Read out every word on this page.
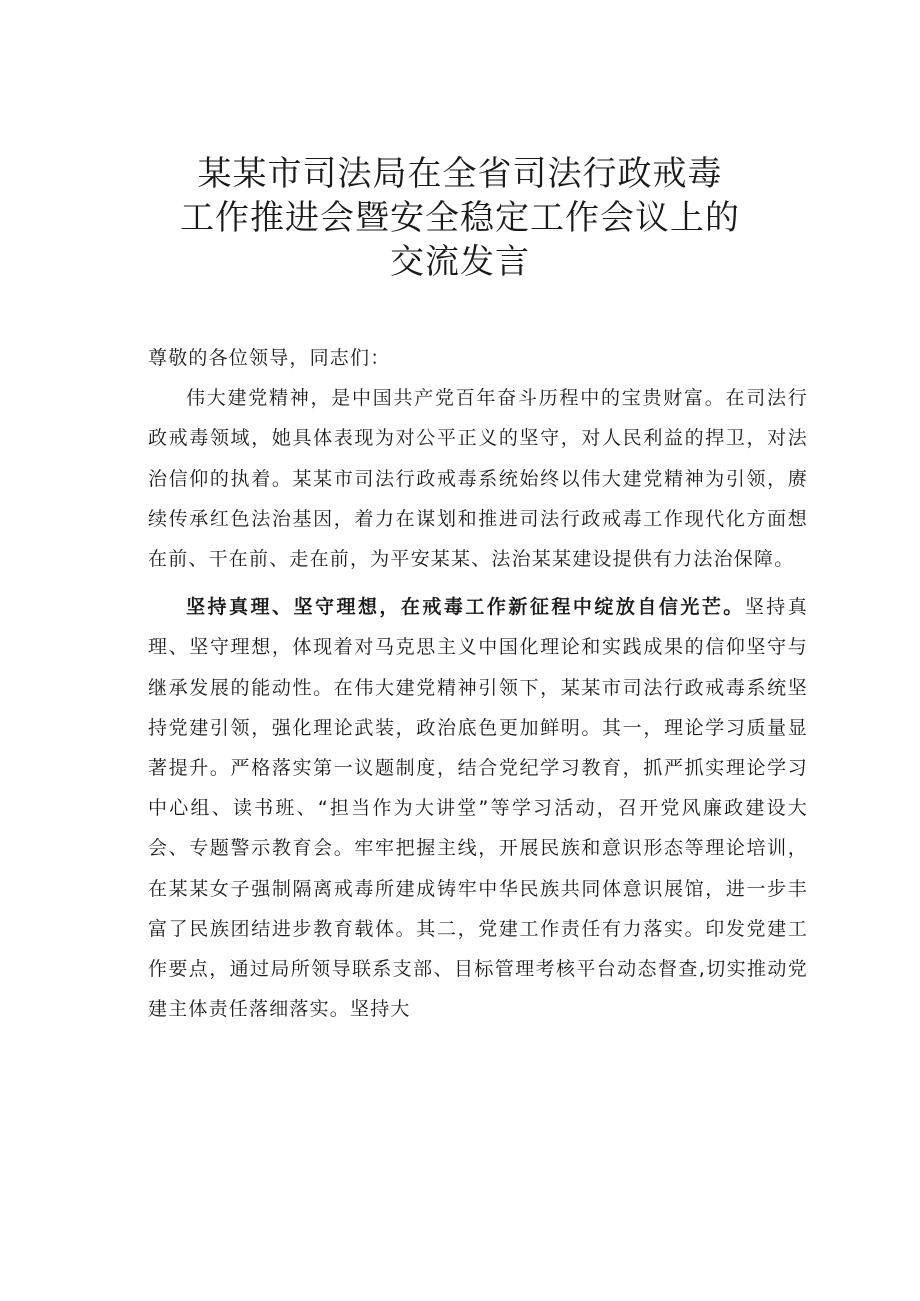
某某市司法局在全省司法行政戒毒
工作推进会暨安全稳定工作会议上的
交流发言

尊敬的各位领导，同志们：

伟大建党精神，是中国共产党百年奋斗历程中的宝贵财富。在司法行政戒毒领域，她具体表现为对公平正义的坚守，对人民利益的捍卫，对法治信仰的执着。某某市司法行政戒毒系统始终以伟大建党精神为引领，赓续传承红色法治基因，着力在谋划和推进司法行政戒毒工作现代化方面想在前、干在前、走在前，为平安某某、法治某某建设提供有力法治保障。

坚持真理、坚守理想，在戒毒工作新征程中绽放自信光芒。坚持真理、坚守理想，体现着对马克思主义中国化理论和实践成果的信仰坚守与继承发展的能动性。在伟大建党精神引领下，某某市司法行政戒毒系统坚持党建引领，强化理论武装，政治底色更加鲜明。其一，理论学习质量显著提升。严格落实第一议题制度，结合党纪学习教育，抓严抓实理论学习中心组、读书班、“担当作为大讲堂”等学习活动，召开党风廉政建设大会、专题警示教育会。牢牢把握主线，开展民族和意识形态等理论培训，在某某女子强制隔离戒毒所建成铸牢中华民族共同体意识展馆，进一步丰富了民族团结进步教育载体。其二，党建工作责任有力落实。印发党建工作要点，通过局所领导联系支部、目标管理考核平台动态督查,切实推动党建主体责任落细落实。坚持大
